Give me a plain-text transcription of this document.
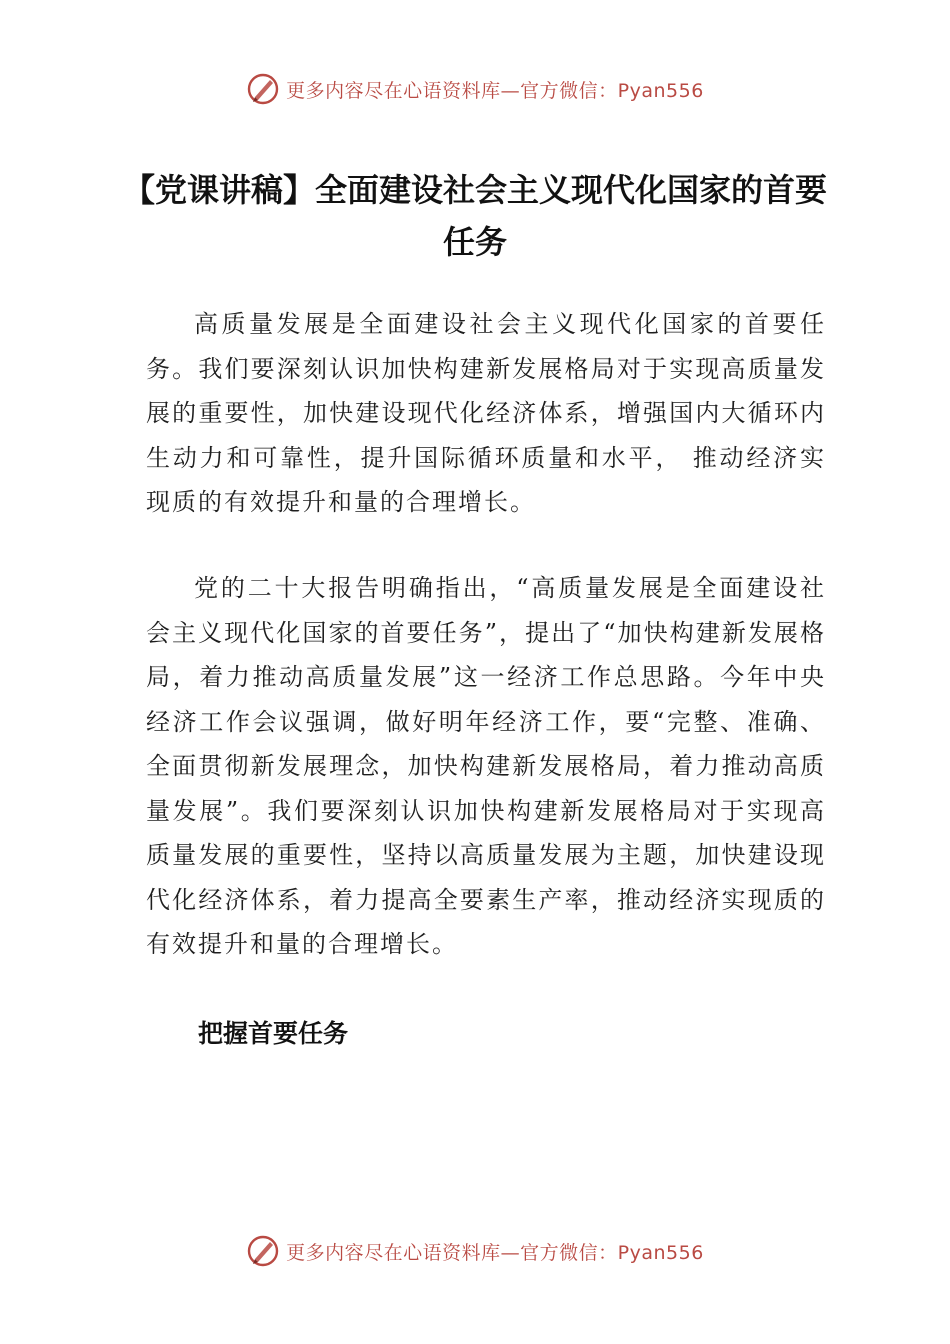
更多内容尽在心语资料库—官方微信：Pyan556
【党课讲稿】全面建设社会主义现代化国家的首要任务

高质量发展是全面建设社会主义现代化国家的首要任务。我们要深刻认识加快构建新发展格局对于实现高质量发展的重要性，加快建设现代化经济体系，增强国内大循环内生动力和可靠性，提升国际循环质量和水平， 推动经济实现质的有效提升和量的合理增长。

党的二十大报告明确指出，“高质量发展是全面建设社会主义现代化国家的首要任务”，提出了“加快构建新发展格局，着力推动高质量发展”这一经济工作总思路。今年中央经济工作会议强调，做好明年经济工作，要“完整、准确、全面贯彻新发展理念，加快构建新发展格局，着力推动高质量发展”。我们要深刻认识加快构建新发展格局对于实现高质量发展的重要性，坚持以高质量发展为主题，加快建设现代化经济体系，着力提高全要素生产率，推动经济实现质的有效提升和量的合理增长。

把握首要任务
更多内容尽在心语资料库—官方微信：Pyan556
